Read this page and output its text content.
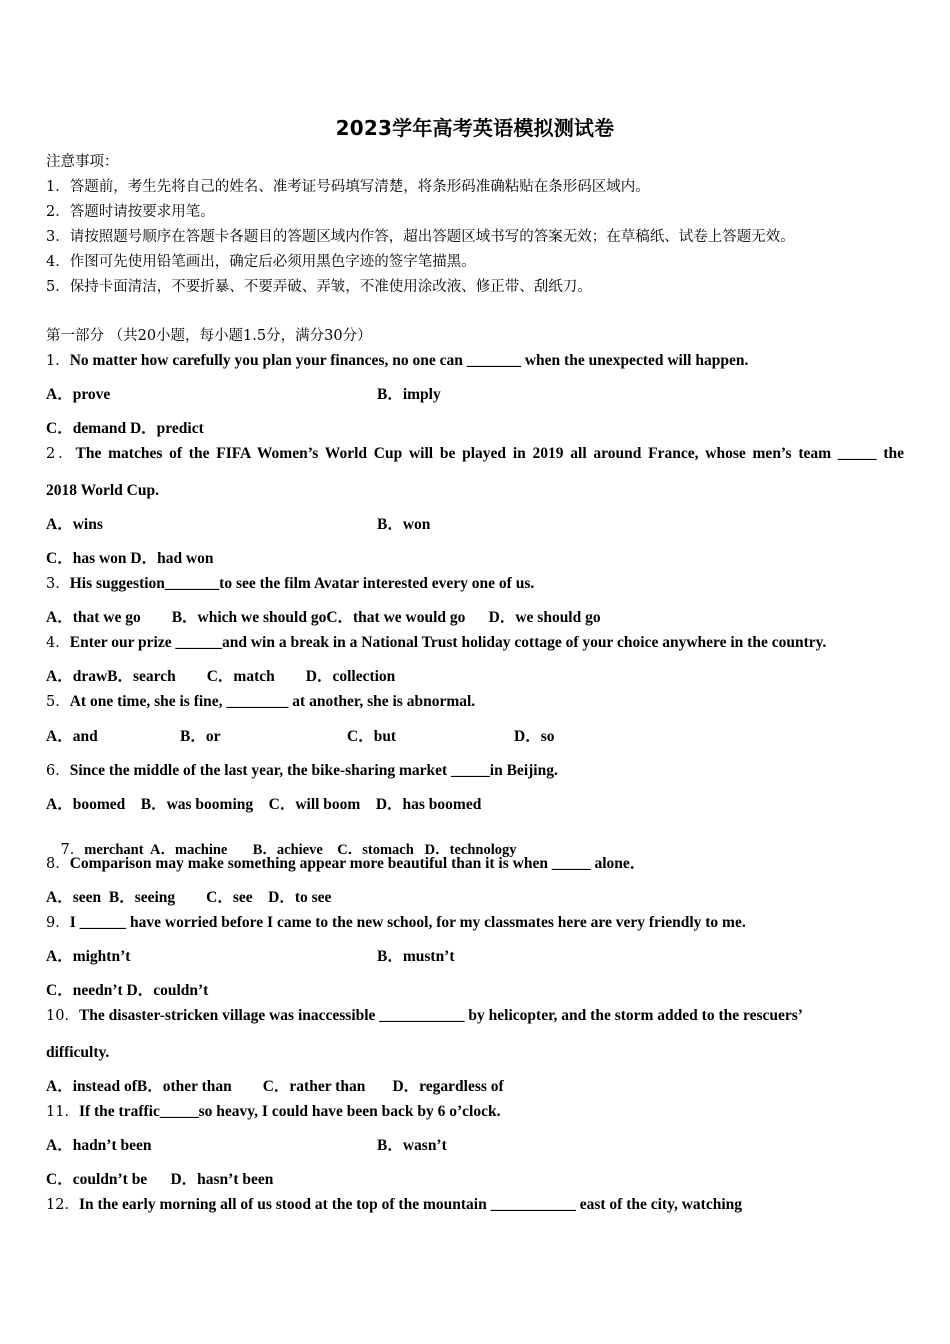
2023学年高考英语模拟测试卷
注意事项：
1．答题前，考生先将自己的姓名、准考证号码填写清楚，将条形码准确粘贴在条形码区域内。
2．答题时请按要求用笔。
3．请按照题号顺序在答题卡各题目的答题区域内作答，超出答题区域书写的答案无效；在草稿纸、试卷上答题无效。
4．作图可先使用铅笔画出，确定后必须用黑色字迹的签字笔描黑。
5．保持卡面清洁，不要折暴、不要弄破、弄皱，不准使用涂改液、修正带、刮纸刀。
第一部分 （共20小题，每小题1.5分，满分30分）
1．No matter how carefully you plan your finances, no one can _______ when the unexpected will happen.
A．prove	B．imply
C．demand D．predict
2．The matches of the FIFA Women’s World Cup will be played in 2019 all around France, whose men’s team _____ the
2018 World Cup.
A．wins	B．won
C．has won D．had won
3．His suggestion_______to see the film Avatar interested every one of us.
A．that we go        B．which we should goC．that we would go      D．we should go
4．Enter our prize ______and win a break in a National Trust holiday cottage of your choice anywhere in the country.
A．drawB．search        C．match        D．collection
5．At one time, she is fine, ________ at another, she is abnormal.
A．and	B．or	C．but	D．so
6．Since the middle of the last year, the bike-sharing market _____in Beijing.
A．boomed    B．was booming    C．will boom    D．has boomed

7．merchant  A．machine       B．achieve    C．stomach   D．technology

8．Comparison may make something appear more beautiful than it is when _____ alone．
A．seen  B．seeing        C．see    D．to see
9．I ______ have worried before I came to the new school, for my classmates here are very friendly to me.
A．mightn’t	B．mustn’t
C．needn’t D．couldn’t
10．The disaster-stricken village was inaccessible ___________ by helicopter, and the storm added to the rescuers’
difficulty.
A．instead ofB．other than        C．rather than       D．regardless of
11．If the traffic_____so heavy, I could have been back by 6 o’clock.
A．hadn’t been	B．wasn’t
C．couldn’t be      D．hasn’t been
12．In the early morning all of us stood at the top of the mountain ___________ east of the city, watching
